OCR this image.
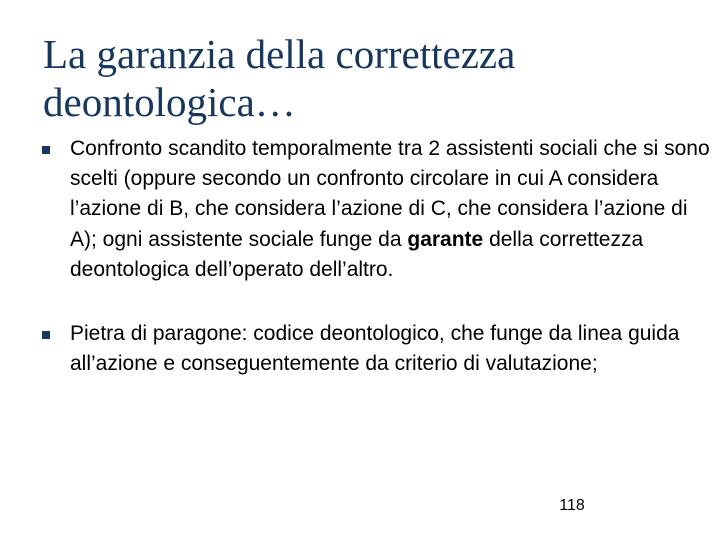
La garanzia della correttezza
deontologica…
Confronto scandito temporalmente tra 2 assistenti sociali che si sono scelti (oppure secondo un confronto circolare in cui A considera l’azione di B, che considera l’azione di C, che considera l’azione di A); ogni assistente sociale funge da garante della correttezza deontologica dell’operato dell’altro.
Pietra di paragone: codice deontologico, che funge da linea guida all’azione e conseguentemente da criterio di valutazione;
118
